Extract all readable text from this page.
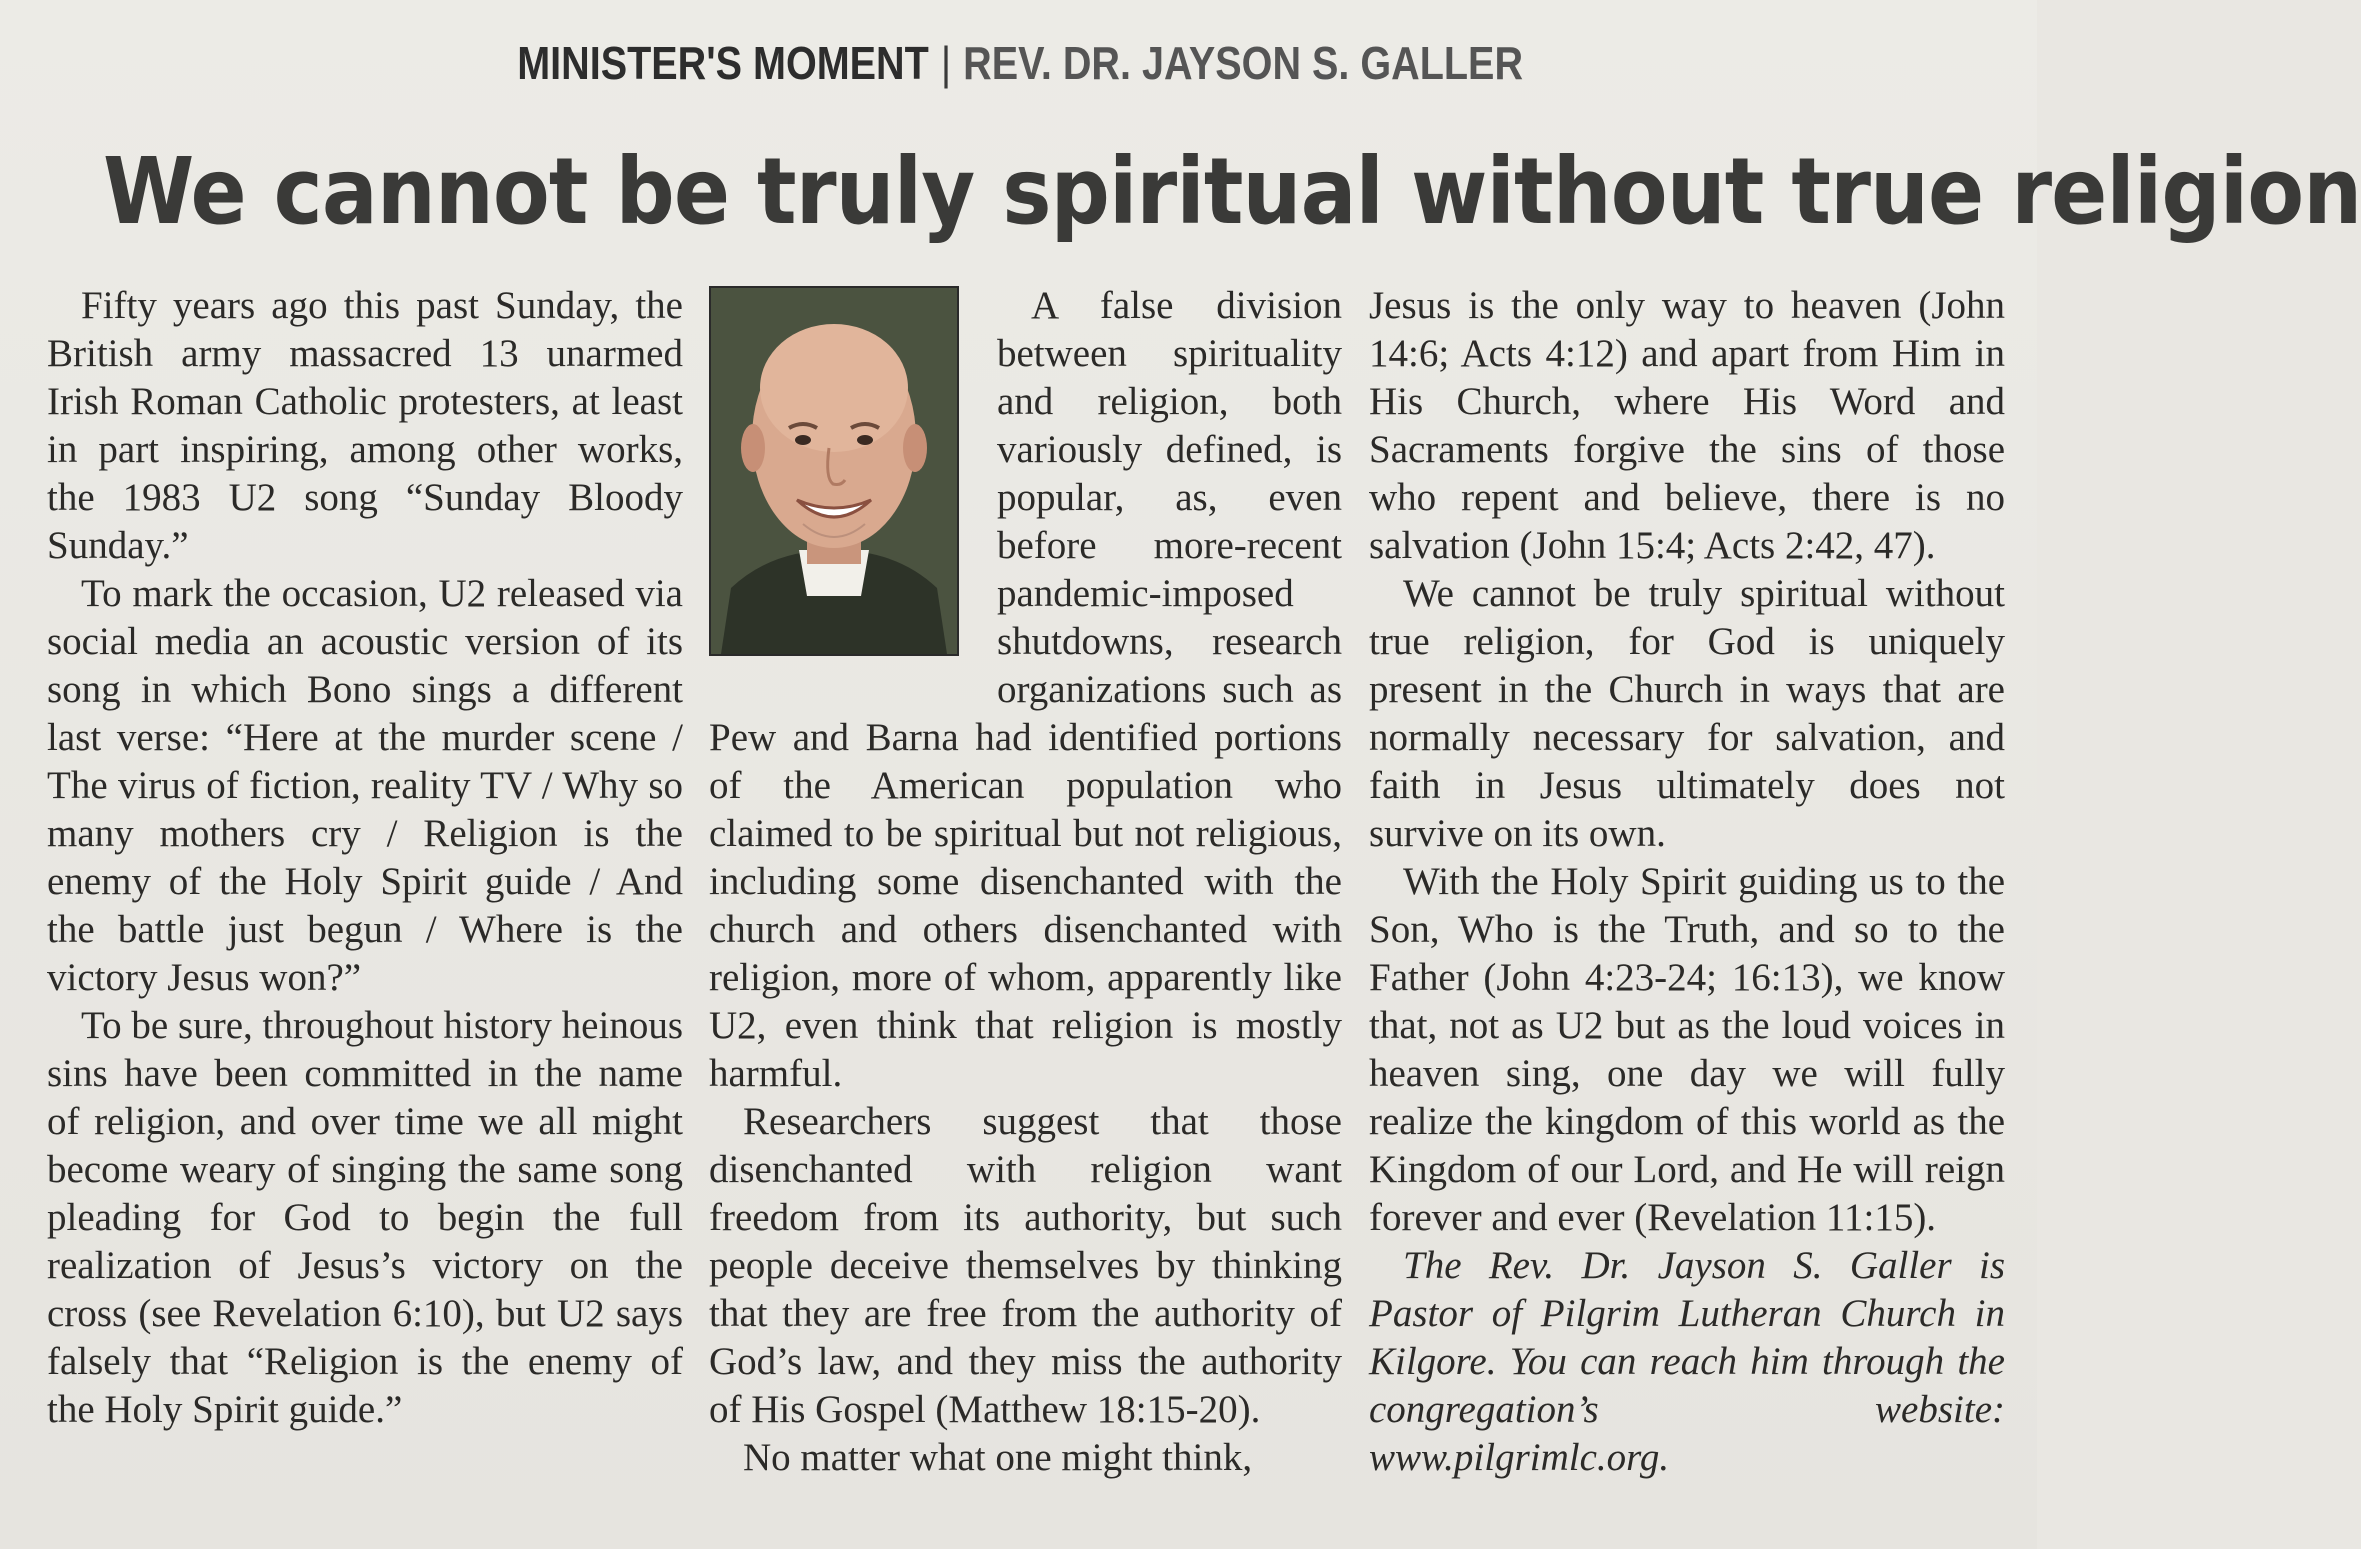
MINISTER'S MOMENT | REV. DR. JAYSON S. GALLER
We cannot be truly spiritual without true religion

Fifty years ago this past Sunday, the British army massacred 13 unarmed Irish Roman Catholic protesters, at least in part inspiring, among other works, the 1983 U2 song “Sunday Bloody Sunday.”

To mark the occasion, U2 released via social media an acoustic version of its song in which Bono sings a different last verse: “Here at the murder scene / The virus of fiction, reality TV / Why so many mothers cry / Religion is the enemy of the Holy Spirit guide / And the battle just begun / Where is the victory Jesus won?”

To be sure, throughout history heinous sins have been committed in the name of religion, and over time we all might become weary of singing the same song pleading for God to begin the full realization of Jesus’s victory on the cross (see Revelation 6:10), but U2 says falsely that “Religion is the enemy of the Holy Spirit guide.”

A false division between spirituality and religion, both variously defined, is popular, as, even before more-recent pandemic-imposed shutdowns, research organizations such as Pew and Barna had identified portions of the American population who claimed to be spiritual but not religious, including some disenchanted with the church and others disenchanted with religion, more of whom, apparently like U2, even think that religion is mostly harmful.

Researchers suggest that those disenchanted with religion want freedom from its authority, but such people deceive themselves by thinking that they are free from the authority of God’s law, and they miss the authority of His Gospel (Matthew 18:15-20).

No matter what one might think,

Jesus is the only way to heaven (John 14:6; Acts 4:12) and apart from Him in His Church, where His Word and Sacraments forgive the sins of those who repent and believe, there is no salvation (John 15:4; Acts 2:42, 47).

We cannot be truly spiritual without true religion, for God is uniquely present in the Church in ways that are normally necessary for salvation, and faith in Jesus ultimately does not survive on its own.

With the Holy Spirit guiding us to the Son, Who is the Truth, and so to the Father (John 4:23-24; 16:13), we know that, not as U2 but as the loud voices in heaven sing, one day we will fully realize the kingdom of this world as the Kingdom of our Lord, and He will reign forever and ever (Revelation 11:15).

The Rev. Dr. Jayson S. Galler is Pastor of Pilgrim Lutheran Church in Kilgore. You can reach him through the congregation’s website: www.pilgrimlc.org.
